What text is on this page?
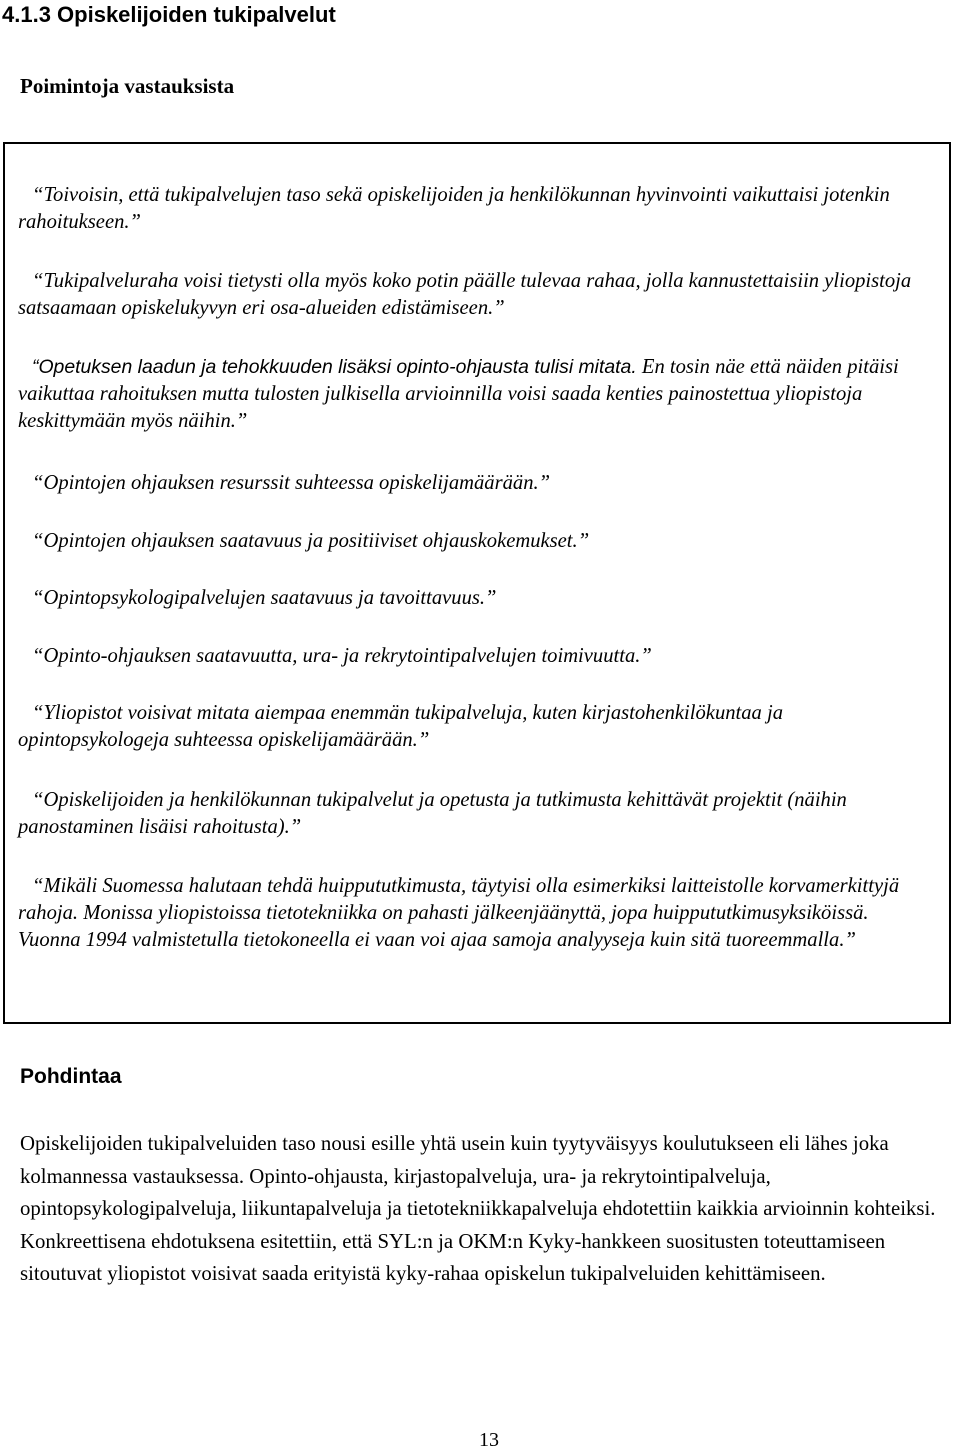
4.1.3 Opiskelijoiden tukipalvelut
Poimintoja vastauksista

“Toivoisin, että tukipalvelujen taso sekä opiskelijoiden ja henkilökunnan hyvinvointi vaikuttaisi jotenkin rahoitukseen.”

“Tukipalveluraha voisi tietysti olla myös koko potin päälle tulevaa rahaa, jolla kannustettaisiin yliopistoja satsaamaan opiskelukyvyn eri osa-alueiden edistämiseen.”

“Opetuksen laadun ja tehokkuuden lisäksi opinto-ohjausta tulisi mitata. En tosin näe että näiden pitäisi vaikuttaa rahoituksen mutta tulosten julkisella arvioinnilla voisi saada kenties painostettua yliopistoja keskittymään myös näihin.”

“Opintojen ohjauksen resurssit suhteessa opiskelijamäärään.”

“Opintojen ohjauksen saatavuus ja positiiviset ohjauskokemukset.”

“Opintopsykologipalvelujen saatavuus ja tavoittavuus.”

“Opinto-ohjauksen saatavuutta, ura- ja rekrytointipalvelujen toimivuutta.”

“Yliopistot voisivat mitata aiempaa enemmän tukipalveluja, kuten kirjastohenkilökuntaa ja opintopsykologeja suhteessa opiskelijamäärään.”

“Opiskelijoiden ja henkilökunnan tukipalvelut ja opetusta ja tutkimusta kehittävät projektit (näihin panostaminen lisäisi rahoitusta).”

“Mikäli Suomessa halutaan tehdä huippututkimusta, täytyisi olla esimerkiksi laitteistolle korvamerkittyjä rahoja. Monissa yliopistoissa tietotekniikka on pahasti jälkeenjäänyttä, jopa huippututkimusyksiköissä. Vuonna 1994 valmistetulla tietokoneella ei vaan voi ajaa samoja analyyseja kuin sitä tuoreemmalla.”

Pohdintaa

Opiskelijoiden tukipalveluiden taso nousi esille yhtä usein kuin tyytyväisyys koulutukseen eli lähes joka kolmannessa vastauksessa. Opinto-ohjausta, kirjastopalveluja, ura- ja rekrytointipalveluja, opintopsykologipalveluja, liikuntapalveluja ja tietotekniikkapalveluja ehdotettiin kaikkia arvioinnin kohteiksi. Konkreettisena ehdotuksena esitettiin, että SYL:n ja OKM:n Kyky-hankkeen suositusten toteuttamiseen sitoutuvat yliopistot voisivat saada erityistä kyky-rahaa opiskelun tukipalveluiden kehittämiseen.

13
